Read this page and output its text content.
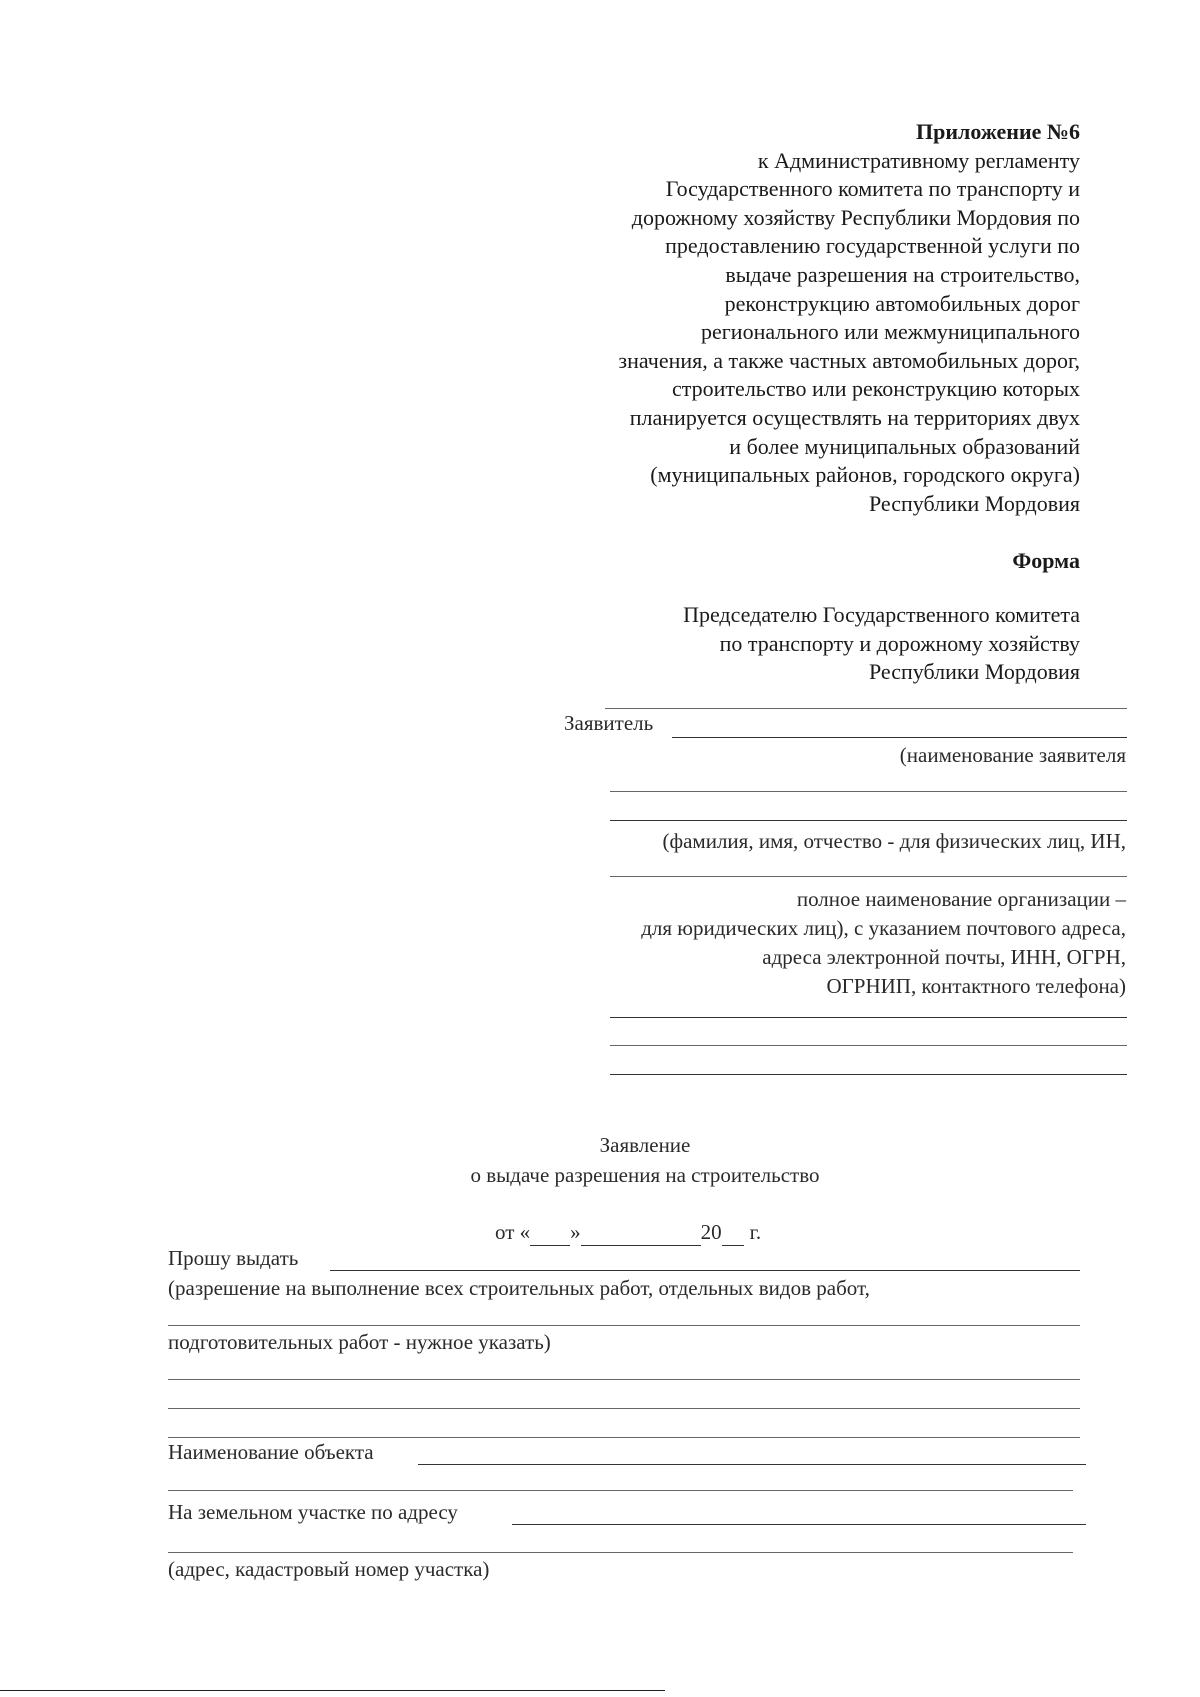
Приложение №6
к Административному регламенту
Государственного комитета по транспорту и
дорожному хозяйству Республики Мордовия по
предоставлению государственной услуги по
выдаче разрешения на строительство,
реконструкцию автомобильных дорог
регионального или межмуниципального
значения, а также частных автомобильных дорог,
строительство или реконструкцию которых
планируется осуществлять на территориях двух
и более муниципальных образований
(муниципальных районов, городского округа)
Республики Мордовия
Форма
Председателю Государственного комитета
по транспорту и дорожному хозяйству
Республики Мордовия
Заявитель
(наименование заявителя
(фамилия, имя, отчество - для физических лиц, ИН,
полное наименование организации –
для юридических лиц), с указанием почтового адреса,
адреса электронной почты, ИНН, ОГРН,
ОГРНИП, контактного телефона)
Заявление
о выдаче разрешения на строительство
от « »	20 г.
Прошу выдать
(разрешение на выполнение всех строительных работ, отдельных видов работ,
подготовительных работ - нужное указать)
Наименование объекта
На земельном участке по адресу
(адрес, кадастровый номер участка)
